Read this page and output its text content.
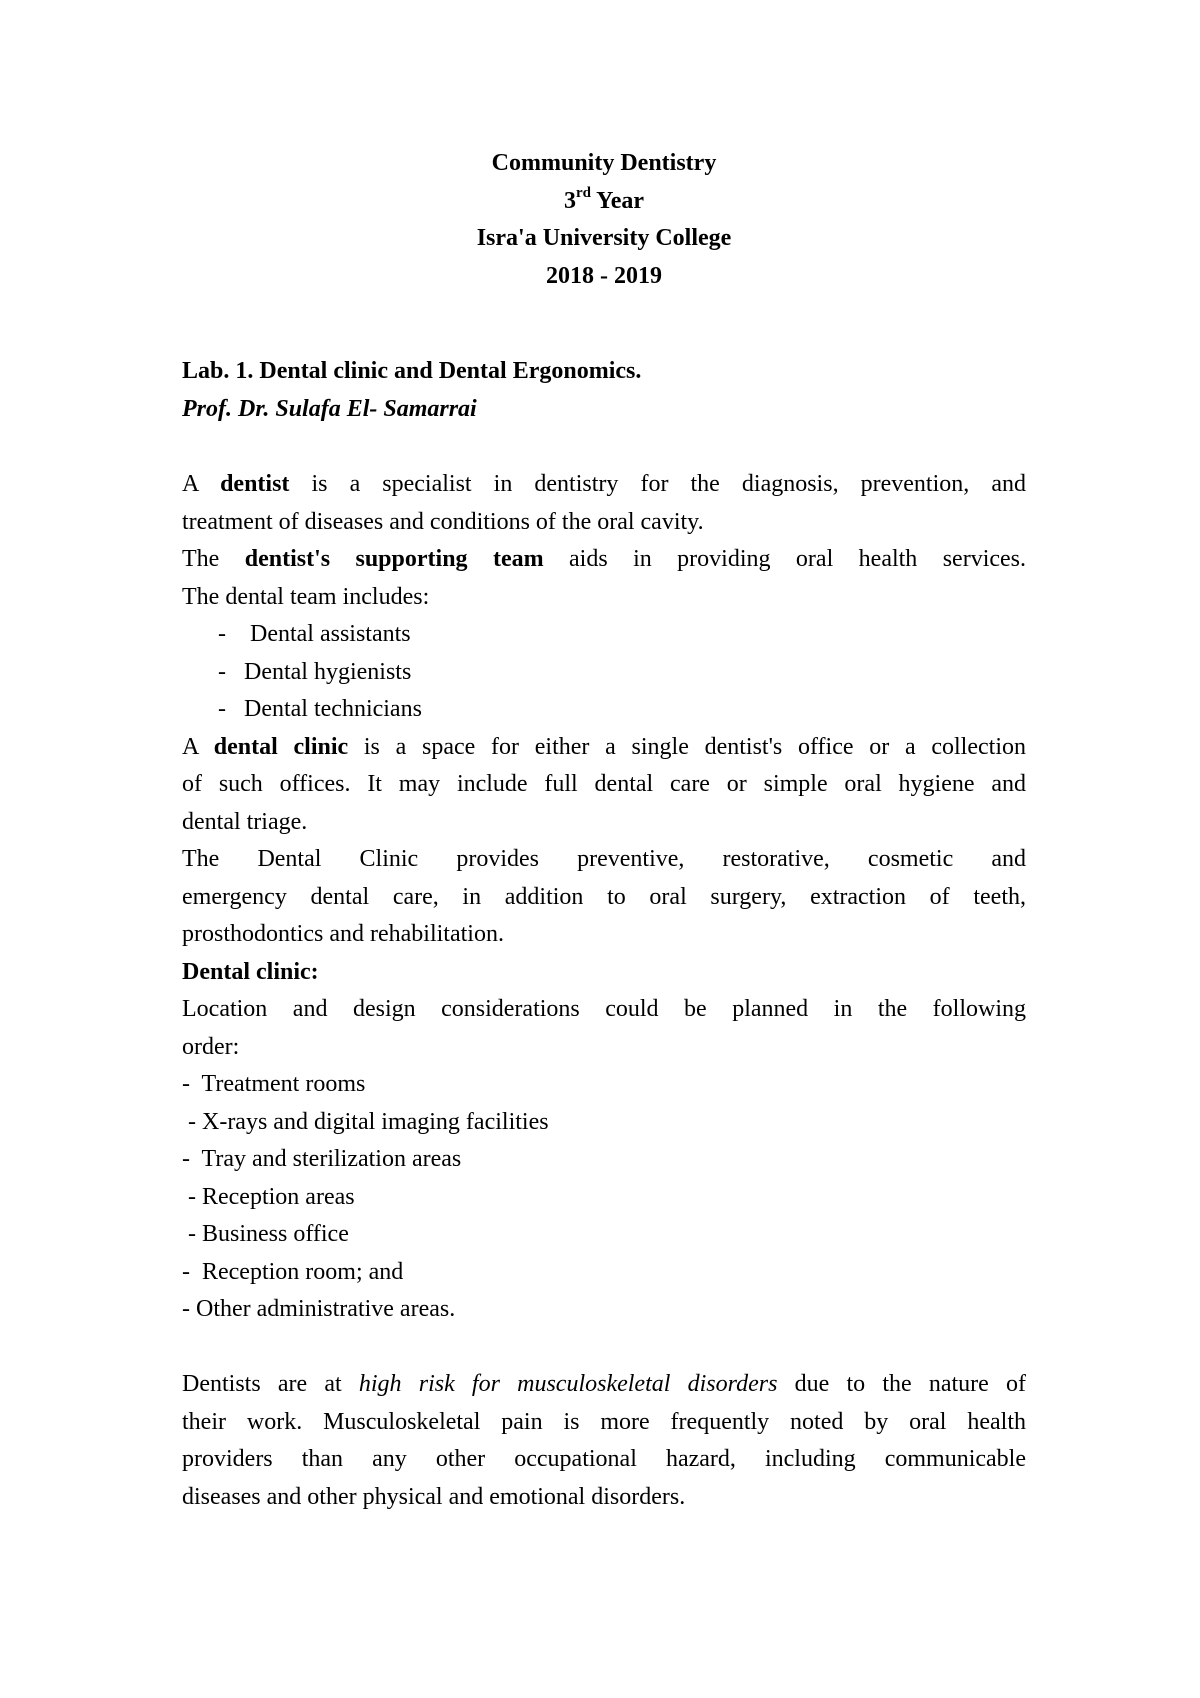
Community Dentistry
3rd Year
Isra'a University College
2018 - 2019
Lab. 1. Dental clinic and Dental Ergonomics.
Prof. Dr. Sulafa El- Samarrai
A dentist is a specialist in dentistry for the diagnosis, prevention, and
treatment of diseases and conditions of the oral cavity.
The dentist's supporting team aids in providing oral health services.
The dental team includes:
-    Dental assistants
-   Dental hygienists
-   Dental technicians
A dental clinic is a space for either a single dentist's office or a collection
of such offices. It may include full dental care or simple oral hygiene and
dental triage.
The Dental Clinic provides preventive, restorative, cosmetic and
emergency dental care, in addition to oral surgery, extraction of teeth,
prosthodontics and rehabilitation.
Dental clinic:
Location and design considerations could be planned in the following
order:
-  Treatment rooms
- X-rays and digital imaging facilities
-  Tray and sterilization areas
- Reception areas
- Business office
-  Reception room; and
- Other administrative areas.
Dentists are at high risk for musculoskeletal disorders due to the nature of
their work. Musculoskeletal pain is more frequently noted by oral health
providers than any other occupational hazard, including communicable
diseases and other physical and emotional disorders.
